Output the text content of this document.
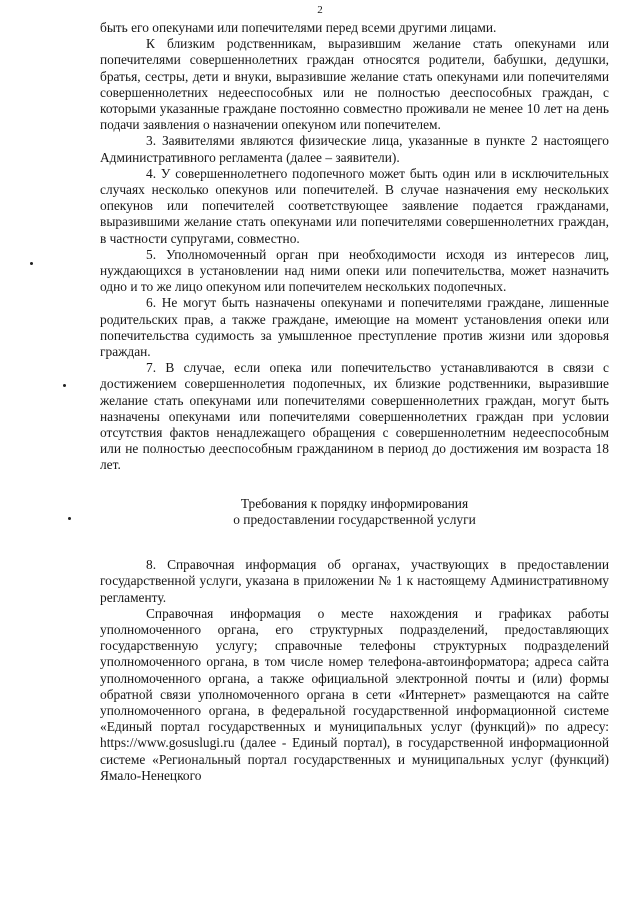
2

быть его опекунами или попечителями перед всеми другими лицами.

К близким родственникам, выразившим желание стать опекунами или попечителями совершеннолетних граждан относятся родители, бабушки, дедушки, братья, сестры, дети и внуки, выразившие желание стать опекунами или попечителями совершеннолетних недееспособных или не полностью дееспособных граждан, с которыми указанные граждане постоянно совместно проживали не менее 10 лет на день подачи заявления о назначении опекуном или попечителем.

3. Заявителями являются физические лица, указанные в пункте 2 настоящего Административного регламента (далее – заявители).

4. У совершеннолетнего подопечного может быть один или в исключительных случаях несколько опекунов или попечителей. В случае назначения ему нескольких опекунов или попечителей соответствующее заявление подается гражданами, выразившими желание стать опекунами или попечителями совершеннолетних граждан, в частности супругами, совместно.

5. Уполномоченный орган при необходимости исходя из интересов лиц, нуждающихся в установлении над ними опеки или попечительства, может назначить одно и то же лицо опекуном или попечителем нескольких подопечных.

6. Не могут быть назначены опекунами и попечителями граждане, лишенные родительских прав, а также граждане, имеющие на момент установления опеки или попечительства судимость за умышленное преступление против жизни или здоровья граждан.

7. В случае, если опека или попечительство устанавливаются в связи с достижением совершеннолетия подопечных, их близкие родственники, выразившие желание стать опекунами или попечителями совершеннолетних граждан, могут быть назначены опекунами или попечителями совершеннолетних граждан при условии отсутствия фактов ненадлежащего обращения с совершеннолетним недееспособным или не полностью дееспособным гражданином в период до достижения им возраста 18 лет.

Требования к порядку информирования
о предоставлении государственной услуги

8. Справочная информация об органах, участвующих в предоставлении государственной услуги, указана в приложении № 1 к настоящему Административному регламенту.

Справочная информация о месте нахождения и графиках работы уполномоченного органа, его структурных подразделений, предоставляющих государственную услугу; справочные телефоны структурных подразделений уполномоченного органа, в том числе номер телефона-автоинформатора; адреса сайта уполномоченного органа, а также официальной электронной почты и (или) формы обратной связи уполномоченного органа в сети «Интернет» размещаются на сайте уполномоченного органа, в федеральной государственной информационной системе «Единый портал государственных и муниципальных услуг (функций)» по адресу: https://www.gosuslugi.ru (далее - Единый портал), в государственной информационной системе «Региональный портал государственных и муниципальных услуг (функций) Ямало-Ненецкого
